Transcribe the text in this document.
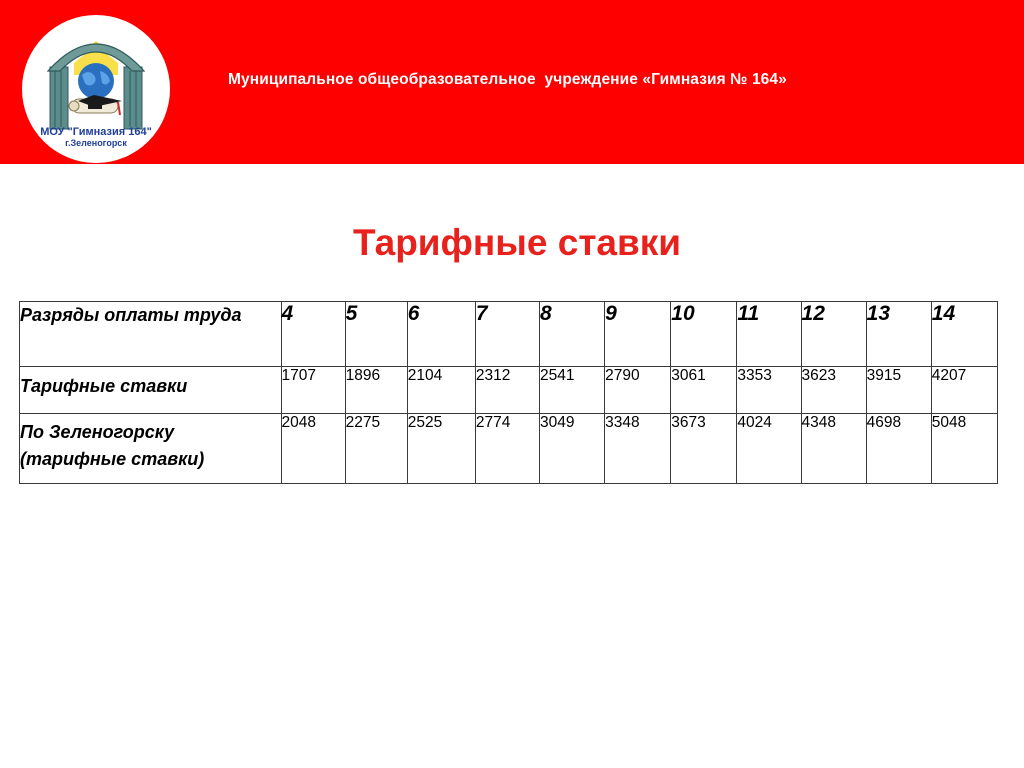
МОУ "Гимназия 164"
г.Зеленогорск
Муниципальное общеобразовательное  учреждение «Гимназия № 164»
Тарифные ставки
Разряды оплаты труда	4	5	6	7	8	9	10	11	12	13	14
Тарифные ставки	1707	1896	2104	2312	2541	2790	3061	3353	3623	3915	4207
По Зеленогорску (тарифные ставки)	2048	2275	2525	2774	3049	3348	3673	4024	4348	4698	5048
